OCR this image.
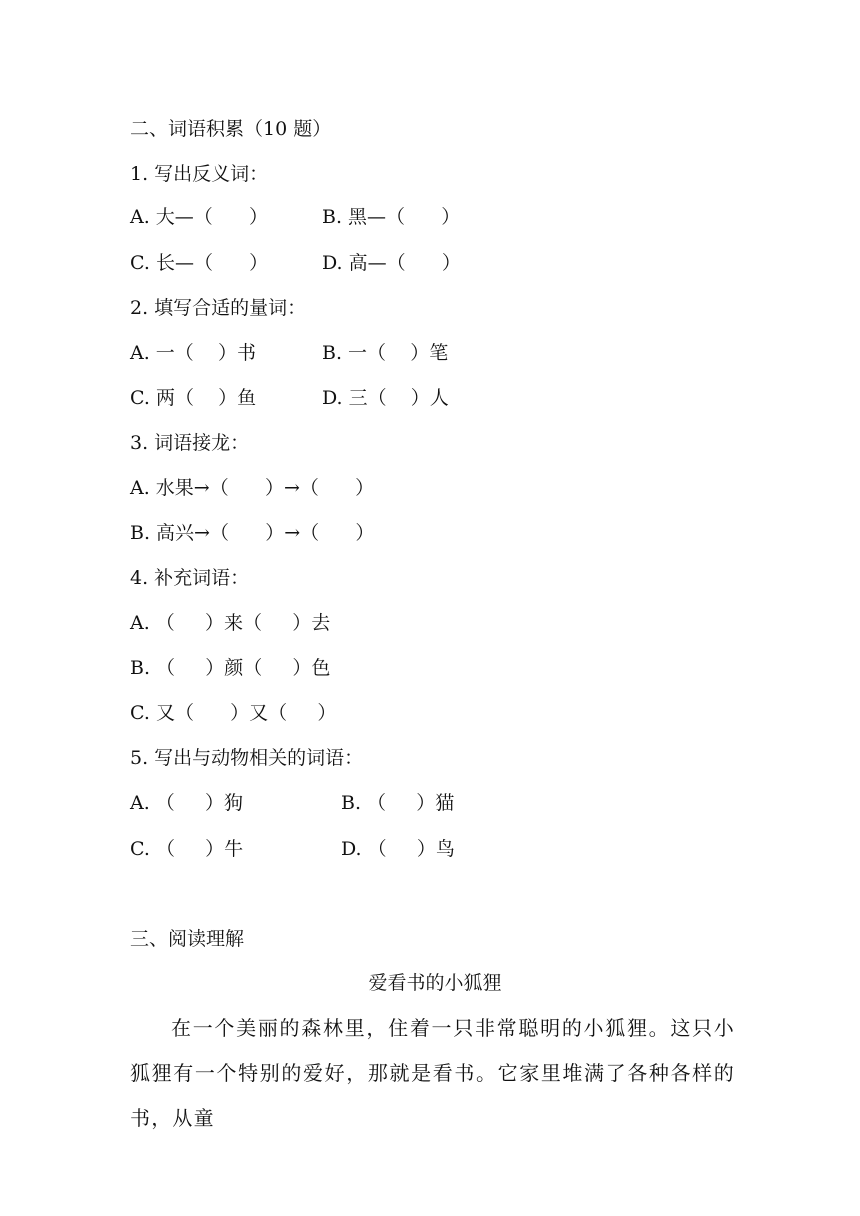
二、词语积累（10 题）
1. 写出反义词：
A. 大—（      ）	B. 黑—（      ）
C. 长—（      ）	D. 高—（      ）
2. 填写合适的量词：
A. 一（    ）书	B. 一（    ）笔
C. 两（    ）鱼	D. 三（    ）人
3. 词语接龙：
A. 水果→（      ）→（      ）
B. 高兴→（      ）→（      ）
4. 补充词语：
A. （     ）来（     ）去
B. （     ）颜（     ）色
C. 又（      ）又（     ）
5. 写出与动物相关的词语：
A. （     ）狗	B. （     ）猫
C. （     ）牛	D. （     ）鸟
三、阅读理解
爱看书的小狐狸
在一个美丽的森林里，住着一只非常聪明的小狐狸。这只小狐狸有一个特别的爱好，那就是看书。它家里堆满了各种各样的书，从童
